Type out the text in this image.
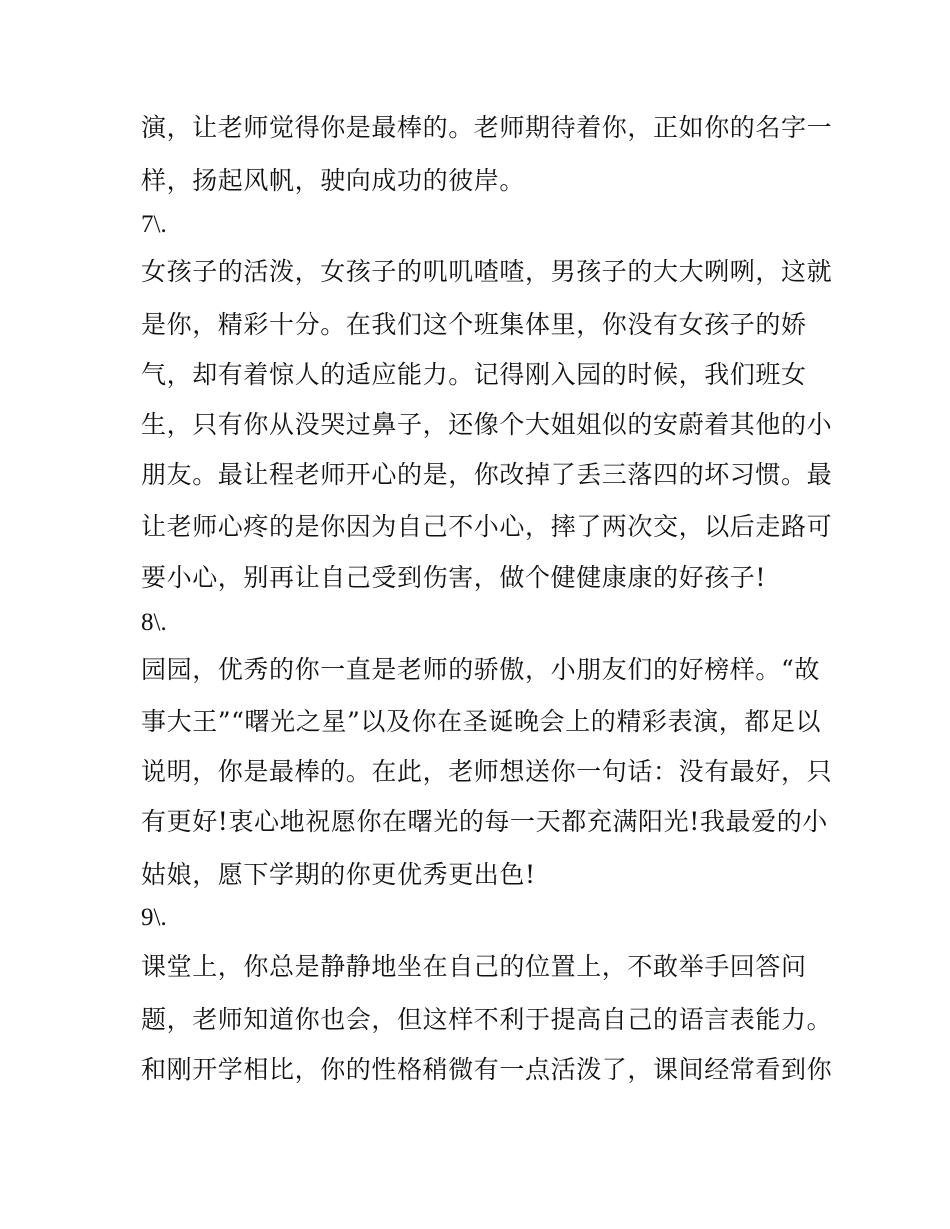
演，让老师觉得你是最棒的。老师期待着你，正如你的名字一
样，扬起风帆，驶向成功的彼岸。
7\.
女孩子的活泼，女孩子的叽叽喳喳，男孩子的大大咧咧，这就
是你，精彩十分。在我们这个班集体里，你没有女孩子的娇
气，却有着惊人的适应能力。记得刚入园的时候，我们班女
生，只有你从没哭过鼻子，还像个大姐姐似的安蔚着其他的小
朋友。最让程老师开心的是，你改掉了丢三落四的坏习惯。最
让老师心疼的是你因为自己不小心，摔了两次交，以后走路可
要小心，别再让自己受到伤害，做个健健康康的好孩子!
8\.
园园，优秀的你一直是老师的骄傲，小朋友们的好榜样。“故
事大王”“曙光之星”以及你在圣诞晚会上的精彩表演，都足以
说明，你是最棒的。在此，老师想送你一句话：没有最好，只
有更好!衷心地祝愿你在曙光的每一天都充满阳光!我最爱的小
姑娘，愿下学期的你更优秀更出色!
9\.
课堂上，你总是静静地坐在自己的位置上，不敢举手回答问
题，老师知道你也会，但这样不利于提高自己的语言表能力。
和刚开学相比，你的性格稍微有一点活泼了，课间经常看到你
